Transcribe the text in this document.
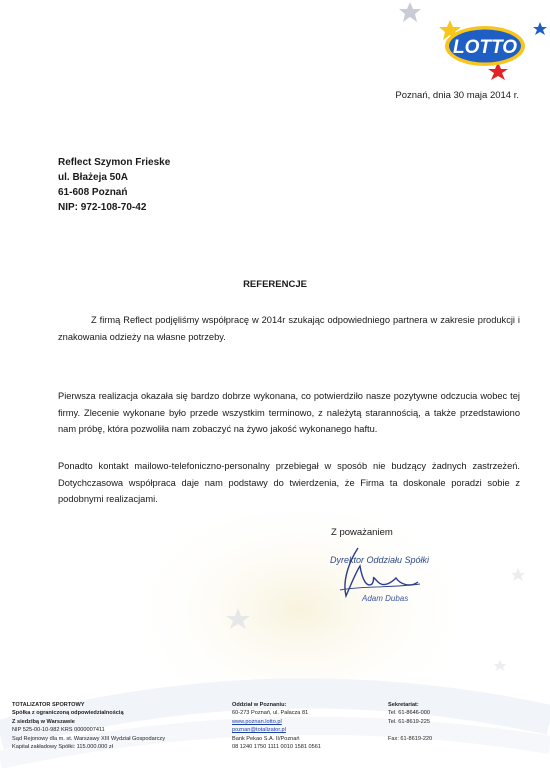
LOTTO
Poznań, dnia 30 maja 2014 r.
Reflect Szymon Frieske
ul. Błażeja 50A
61-608 Poznań
NIP: 972-108-70-42
REFERENCJE
Z firmą Reflect podjęliśmy współpracę w 2014r szukając odpowiedniego partnera w zakresie produkcji i znakowania odzieży na własne potrzeby.
Pierwsza realizacja okazała się bardzo dobrze wykonana, co potwierdziło nasze pozytywne odczucia wobec tej firmy. Zlecenie wykonane było przede wszystkim terminowo, z należytą starannością, a także przedstawiono nam próbę, która pozwoliła nam zobaczyć na żywo jakość wykonanego haftu.
Ponadto kontakt mailowo-telefoniczno-personalny przebiegał w sposób nie budzący żadnych zastrzeżeń. Dotychczasowa współpraca daje nam podstawy do twierdzenia, że Firma ta doskonale poradzi sobie z podobnymi realizacjami.
Z poważaniem
Dyrektor Oddziału Spółki
Adam Dubas
TOTALIZATOR SPORTOWY
Spółka z ograniczoną odpowiedzialnością
Z siedzibą w Warszawie
NIP 525-00-10-982 KRS 0000007411
Sąd Rejonowy dla m. st. Warszawy XIII Wydział Gospodarczy
Kapitał zakładowy Spółki: 115.000.000 zł
Oddział w Poznaniu:
60-273 Poznań, ul. Pałacza 81
www.poznan.lotto.pl
poznan@totalizator.pl
Bank Pekao S.A. II/Poznań
08 1240 1750 1111 0010 1581 0561
Sekretariat:
Tel. 61-8646-000
Tel. 61-8619-225

Fax: 61-8619-220
